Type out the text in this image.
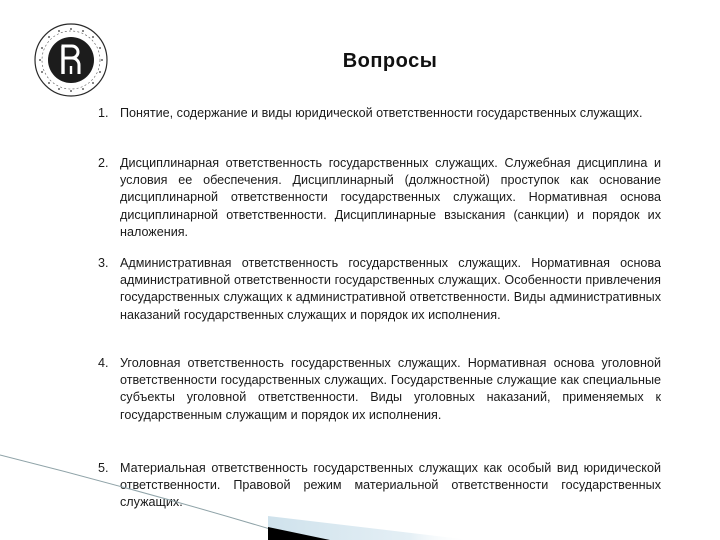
Вопросы
1. Понятие, содержание и виды юридической ответственности государственных служащих.
2. Дисциплинарная ответственность государственных служащих. Служебная дисциплина и условия ее обеспечения. Дисциплинарный (должностной) проступок как основание дисциплинарной ответственности государственных служащих. Нормативная основа дисциплинарной ответственности. Дисциплинарные взыскания (санкции) и порядок их наложения.
3. Административная ответственность государственных служащих. Нормативная основа административной ответственности государственных служащих. Особенности привлечения государственных служащих к административной ответственности. Виды административных наказаний государственных служащих и порядок их исполнения.
4. Уголовная ответственность государственных служащих. Нормативная основа уголовной ответственности государственных служащих. Государственные служащие как специальные субъекты уголовной ответственности. Виды уголовных наказаний, применяемых к государственным служащим и порядок их исполнения.
5. Материальная ответственность государственных служащих как особый вид юридической ответственности. Правовой режим материальной ответственности государственных служащих.
